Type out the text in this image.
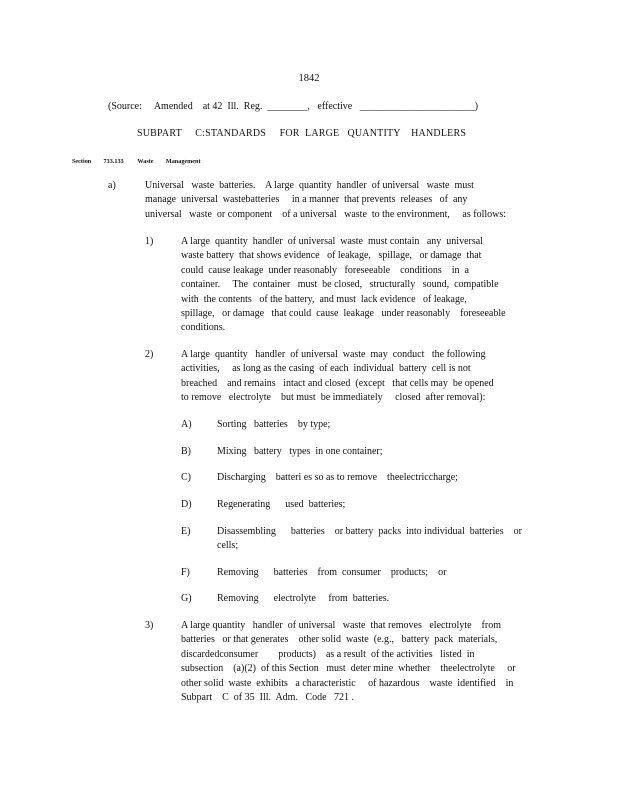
1842
(Source:     Amended    at 42  Ill.  Reg.  ________,   effective   _______________________)
SUBPART     C:STANDARDS     FOR  LARGE   QUANTITY    HANDLERS
Section        733.133         Waste        Management
a)	Universal   waste  batteries.    A large  quantity  handler  of universal   waste  must
manage  universal  wastebatteries     in a manner  that prevents  releases   of  any
universal   waste  or component    of a universal   waste  to the environment,     as follows:
1)	A large  quantity  handler  of universal  waste  must contain   any  universal
waste battery  that shows evidence   of leakage,   spillage,   or damage  that
could  cause leakage  under reasonably   foreseeable    conditions    in  a
container.     The  container   must  be closed,   structurally   sound,  compatible
with  the contents   of the battery,  and must  lack evidence   of leakage,
spillage,   or damage   that could  cause  leakage   under reasonably    foreseeable
conditions.
2)	A large  quantity   handler  of universal  waste  may  conduct   the following
activities,     as long as the casing  of each  individual  battery  cell is not
breached    and remains   intact and closed  (except   that cells may  be opened
to remove   electrolyte    but must  be immediately     closed  after removal):
A)	Sorting   batteries    by type;
B)	Mixing   battery   types  in one container;
C)	Discharging    batteri es so as to remove    theelectriccharge;
D)	Regenerating      used  batteries;
E)	Disassembling      batteries    or battery  packs  into individual  batteries    or
cells;
F)	Removing      batteries    from  consumer    products;    or
G)	Removing      electrolyte     from  batteries.
3)	A large quantity   handler  of universal   waste  that removes   electrolyte    from
batteries   or that generates    other solid  waste  (e.g.,   battery  pack  materials,
discardedconsumer        products)    as a result  of the activities   listed  in
subsection    (a)(2)  of this Section   must  deter mine  whether    theelectrolyte     or
other solid  waste  exhibits   a characteristic     of hazardous    waste  identified    in
Subpart    C  of 35  Ill.  Adm.   Code   721 .
